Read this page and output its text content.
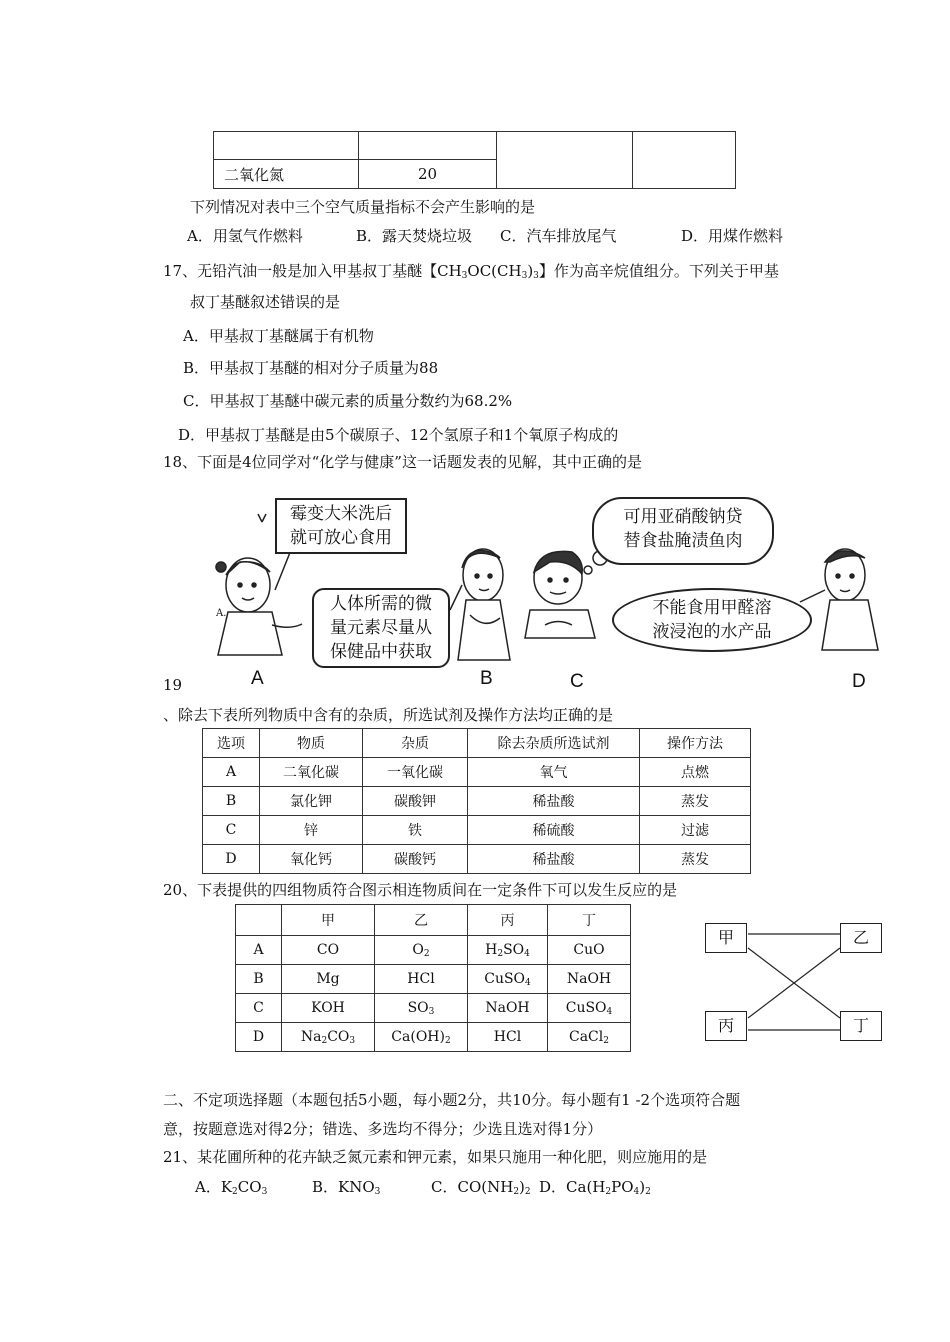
二氧化氮	20		
下列情况对表中三个空气质量指标不会产生影响的是
A．用氢气作燃料	B．露天焚烧垃圾 C．汽车排放尾气	D．用煤作燃料
17、无铅汽油一般是加入甲基叔丁基醚【$CH_3OC(CH_3)_3$】作为高辛烷值组分。下列关于甲基
叔丁基醚叙述错误的是
A．甲基叔丁基醚属于有机物
B．甲基叔丁基醚的相对分子质量为88
C．甲基叔丁基醚中碳元素的质量分数约为68.2%
D．甲基叔丁基醚是由5个碳原子、12个氢原子和1个氧原子构成的
18、下面是4位同学对“化学与健康”这一话题发表的见解，其中正确的是
A.
霉变大米洗后
就可放心食用
人体所需的微
量元素尽量从
保健品中获取
可用亚硝酸钠贷
替食盐腌渍鱼肉
不能食用甲醛溶
液浸泡的水产品
A	B	C	D
19
、除去下表所列物质中含有的杂质，所选试剂及操作方法均正确的是
选项	物质	杂质	除去杂质所选试剂	操作方法
A	二氧化碳	一氧化碳	氧气	点燃
B	氯化钾	碳酸钾	稀盐酸	蒸发
C	锌	铁	稀硫酸	过滤
D	氧化钙	碳酸钙	稀盐酸	蒸发
20、下表提供的四组物质符合图示相连物质间在一定条件下可以发生反应的是
	甲	乙	丙	丁
A	CO	$O_2$	$H_2SO_4$	CuO
B	Mg	HCl	CuSO$_4$	NaOH
C	KOH	$SO_3$	NaOH	CuSO$_4$
D	$Na_2CO_3$	$Ca(OH)_2$	HCl	CaCl$_2$
甲	乙
丙	丁
二、不定项选择题（本题包括5小题，每小题2分，共10分。每小题有1 -2个选项符合题
意，按题意选对得2分；错选、多选均不得分；少选且选对得1分）
21、某花圃所种的花卉缺乏氮元素和钾元素，如果只施用一种化肥，则应施用的是
A．$K_2CO_3$	B．$KNO_3$	C．$CO(NH_2)_2$ D．$Ca(H_2PO_4)_2$
